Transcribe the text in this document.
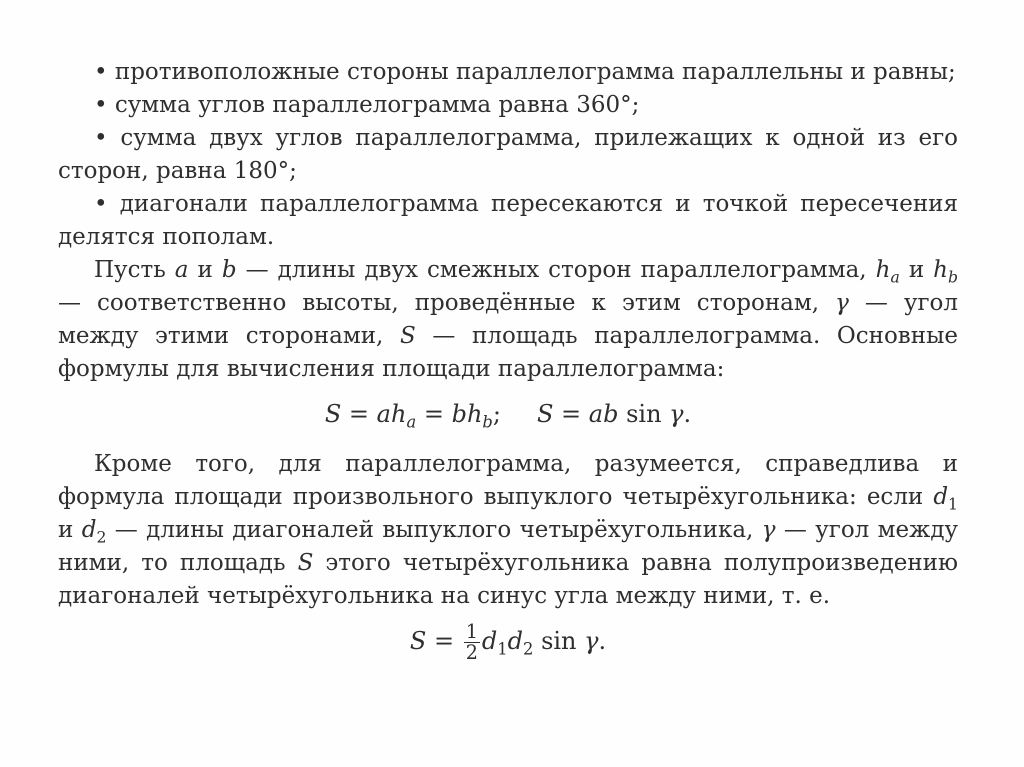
• противоположные стороны параллелограмма параллельны и равны;

• сумма углов параллелограмма равна 360°;

• сумма двух углов параллелограмма, прилежащих к одной из его сторон, равна 180°;

• диагонали параллелограмма пересекаются и точкой пересечения делятся пополам.

Пусть a и b — длины двух смежных сторон параллелограмма, $h_a$ и $h_b$ — соответственно высоты, проведённые к этим сторонам, γ — угол между этими сторонами, S — площадь параллелограмма. Основные формулы для вычисления площади параллелограмма:

$S = ah_a = bh_b$; S = ab sin γ.

Кроме того, для параллелограмма, разумеется, справедлива и формула площади произвольного выпуклого четырёхугольника: если $d_1$ и $d_2$ — длины диагоналей выпуклого четырёхугольника, γ — угол между ними, то площадь S этого четырёхугольника равна полупроизведению диагоналей четырёхугольника на синус угла между ними, т. е.

$S = \frac{1}{2} d_1d_2$ sin γ.
